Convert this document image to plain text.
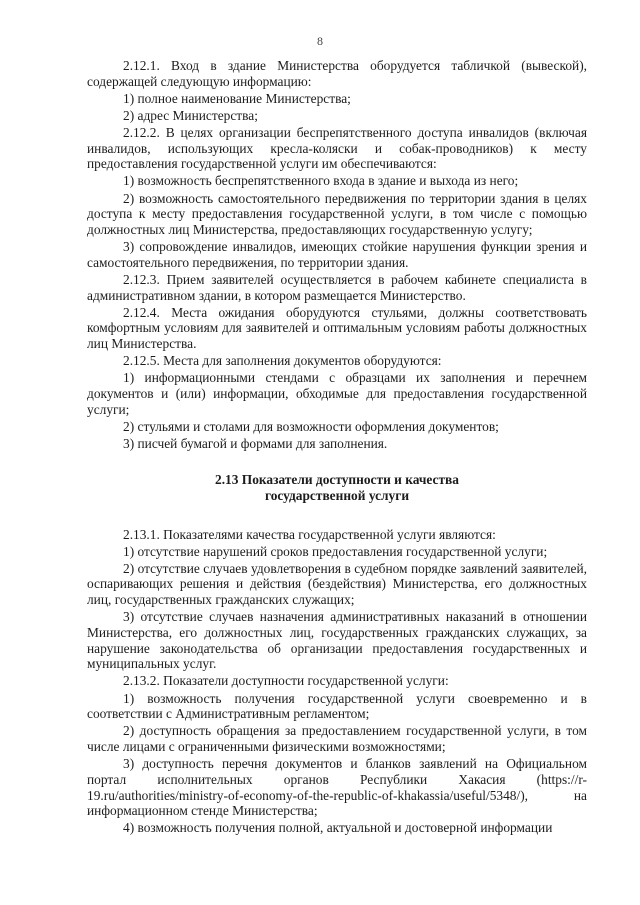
8

2.12.1. Вход в здание Министерства оборудуется табличкой (вывеской), содержащей следующую информацию:

1) полное наименование Министерства;

2) адрес Министерства;

2.12.2. В целях организации беспрепятственного доступа инвалидов (включая инвалидов, использующих кресла-коляски и собак-проводников) к месту предоставления государственной услуги им обеспечиваются:

1) возможность беспрепятственного входа в здание и выхода из него;

2) возможность самостоятельного передвижения по территории здания в целях доступа к месту предоставления государственной услуги, в том числе с помощью должностных лиц Министерства, предоставляющих государственную услугу;

3) сопровождение инвалидов, имеющих стойкие нарушения функции зрения и самостоятельного передвижения, по территории здания.

2.12.3. Прием заявителей осуществляется в рабочем кабинете специалиста в административном здании, в котором размещается Министерство.

2.12.4. Места ожидания оборудуются стульями, должны соответствовать комфортным условиям для заявителей и оптимальным условиям работы должностных лиц Министерства.

2.12.5. Места для заполнения документов оборудуются:

1) информационными стендами с образцами их заполнения и перечнем документов и (или) информации, обходимые для предоставления государственной услуги;

2) стульями и столами для возможности оформления документов;

3) писчей бумагой и формами для заполнения.

2.13 Показатели доступности и качества
государственной услуги

2.13.1. Показателями качества государственной услуги являются:

1) отсутствие нарушений сроков предоставления государственной услуги;

2) отсутствие случаев удовлетворения в судебном порядке заявлений заявителей, оспаривающих решения и действия (бездействия) Министерства, его должностных лиц, государственных гражданских служащих;

3) отсутствие случаев назначения административных наказаний в отношении Министерства, его должностных лиц, государственных гражданских служащих, за нарушение законодательства об организации предоставления государственных и муниципальных услуг.

2.13.2. Показатели доступности государственной услуги:

1) возможность получения государственной услуги своевременно и в соответствии с Административным регламентом;

2) доступность обращения за предоставлением государственной услуги, в том числе лицами с ограниченными физическими возможностями;

3) доступность перечня документов и бланков заявлений на Официальном портал исполнительных органов Республики Хакасия (https://r-19.ru/authorities/ministry-of-economy-of-the-republic-of-khakassia/useful/5348/), на информационном стенде Министерства;

4) возможность получения полной, актуальной и достоверной информации
